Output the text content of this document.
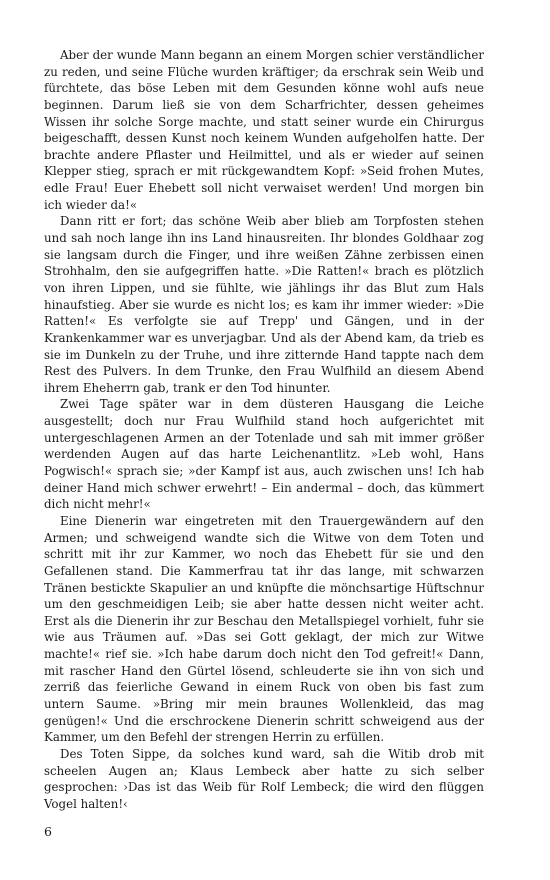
Aber der wunde Mann begann an einem Morgen schier verständlicher zu reden, und seine Flüche wurden kräftiger; da erschrak sein Weib und fürchtete, das böse Leben mit dem Gesunden könne wohl aufs neue beginnen. Darum ließ sie von dem Scharfrichter, dessen geheimes Wissen ihr solche Sorge machte, und statt seiner wurde ein Chirurgus beigeschafft, dessen Kunst noch keinem Wunden aufgeholfen hatte. Der brachte andere Pflaster und Heilmittel, und als er wieder auf seinen Klepper stieg, sprach er mit rückgewandtem Kopf: »Seid frohen Mutes, edle Frau! Euer Ehebett soll nicht verwaiset werden! Und morgen bin ich wieder da!«

Dann ritt er fort; das schöne Weib aber blieb am Torpfosten stehen und sah noch lange ihn ins Land hinausreiten. Ihr blondes Goldhaar zog sie langsam durch die Finger, und ihre weißen Zähne zerbissen einen Strohhalm, den sie aufgegriffen hatte. »Die Ratten!« brach es plötzlich von ihren Lippen, und sie fühlte, wie jählings ihr das Blut zum Hals hinaufstieg. Aber sie wurde es nicht los; es kam ihr immer wieder: »Die Ratten!« Es verfolgte sie auf Trepp' und Gängen, und in der Krankenkammer war es unverjagbar. Und als der Abend kam, da trieb es sie im Dunkeln zu der Truhe, und ihre zitternde Hand tappte nach dem Rest des Pulvers. In dem Trunke, den Frau Wulfhild an diesem Abend ihrem Eheherrn gab, trank er den Tod hinunter.

Zwei Tage später war in dem düsteren Hausgang die Leiche ausgestellt; doch nur Frau Wulfhild stand hoch aufgerichtet mit untergeschlagenen Armen an der Totenlade und sah mit immer größer werdenden Augen auf das harte Leichenantlitz. »Leb wohl, Hans Pogwisch!« sprach sie; »der Kampf ist aus, auch zwischen uns! Ich hab deiner Hand mich schwer erwehrt! – Ein andermal – doch, das kümmert dich nicht mehr!«

Eine Dienerin war eingetreten mit den Trauergewändern auf den Armen; und schweigend wandte sich die Witwe von dem Toten und schritt mit ihr zur Kammer, wo noch das Ehebett für sie und den Gefallenen stand. Die Kammerfrau tat ihr das lange, mit schwarzen Tränen bestickte Skapulier an und knüpfte die mönchsartige Hüftschnur um den geschmeidigen Leib; sie aber hatte dessen nicht weiter acht. Erst als die Dienerin ihr zur Beschau den Metallspiegel vorhielt, fuhr sie wie aus Träumen auf. »Das sei Gott geklagt, der mich zur Witwe machte!« rief sie. »Ich habe darum doch nicht den Tod gefreit!« Dann, mit rascher Hand den Gürtel lösend, schleuderte sie ihn von sich und zerriß das feierliche Gewand in einem Ruck von oben bis fast zum untern Saume. »Bring mir mein braunes Wollenkleid, das mag genügen!« Und die erschrockene Dienerin schritt schweigend aus der Kammer, um den Befehl der strengen Herrin zu erfüllen.

Des Toten Sippe, da solches kund ward, sah die Witib drob mit scheelen Augen an; Klaus Lembeck aber hatte zu sich selber gesprochen: ›Das ist das Weib für Rolf Lembeck; die wird den flüggen Vogel halten!‹

6
